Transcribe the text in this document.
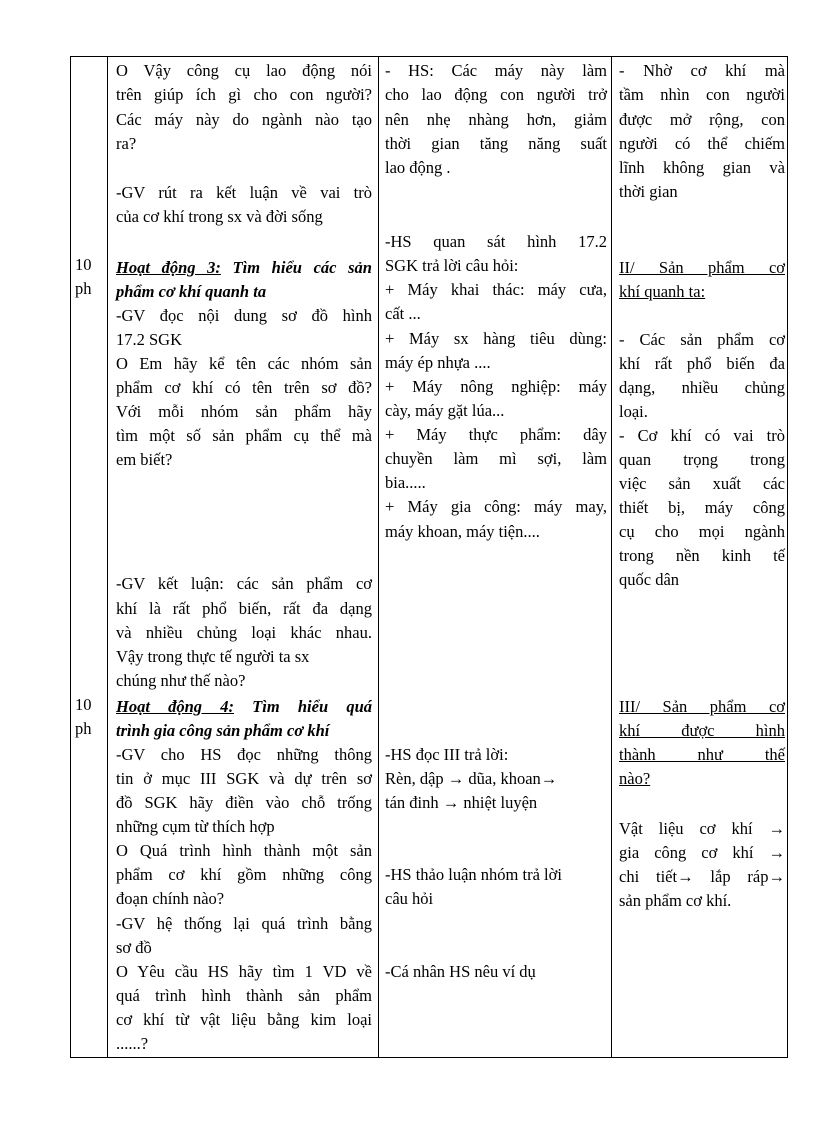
10
ph
10
ph
O Vậy công cụ lao động nói
trên giúp ích gì cho con người?
Các máy này do ngành nào tạo
ra?
-GV rút ra kết luận về vai trò
của cơ khí trong sx và đời sống
Hoạt động 3: Tìm hiểu các sản
phẩm cơ khí quanh ta
-GV đọc nội dung sơ đồ hình
17.2 SGK
O Em hãy kể tên các nhóm sản
phẩm cơ khí có tên trên sơ đồ?
Với mỗi nhóm sản phẩm hãy
tìm một số sản phẩm cụ thể mà
em biết?
-GV kết luận: các sản phẩm cơ
khí là rất phổ biến, rất đa dạng
và nhiều chủng loại khác nhau.
Vậy trong thực tế người ta sx
chúng như thế nào?
Hoạt động 4: Tìm hiểu quá
trình gia công sản phẩm cơ khí
-GV cho HS đọc những thông
tin ở mục III SGK và dự trên sơ
đồ SGK hãy điền vào chỗ trống
những cụm từ thích hợp
O Quá trình hình thành một sản
phẩm cơ khí gồm những công
đoạn chính nào?
-GV hệ thống lại quá trình bằng
sơ đồ
O Yêu cầu HS hãy tìm 1 VD về
quá trình hình thành sản phẩm
cơ khí từ vật liệu bằng kim loại
......?
- HS: Các máy này làm
cho lao động con người trở
nên nhẹ nhàng hơn, giảm
thời gian tăng năng suất
lao động .
-HS quan sát hình 17.2
SGK trả lời câu hỏi:
+ Máy khai thác: máy cưa,
cất ...
+ Máy sx hàng tiêu dùng:
máy ép nhựa ....
+ Máy nông nghiệp: máy
cày, máy gặt lúa...
+ Máy thực phẩm: dây
chuyền làm mì sợi, làm
bia.....
+ Máy gia công: máy may,
máy khoan, máy tiện....
-HS đọc III trả lời:
Rèn, dập → dũa, khoan→
tán đinh → nhiệt luyện
-HS thảo luận nhóm trả lời
câu hỏi
-Cá nhân HS nêu ví dụ
- Nhờ cơ khí mà
tầm nhìn con người
được mở rộng, con
người có thể chiếm
lĩnh không gian và
thời gian
II/ Sản phẩm cơ
khí quanh ta:
- Các sản phẩm cơ
khí rất phổ biến đa
dạng, nhiều chủng
loại.
- Cơ khí có vai trò
quan trọng trong
việc sản xuất các
thiết bị, máy công
cụ cho mọi ngành
trong nền kinh tế
quốc dân
III/ Sản phẩm cơ
khí được hình
thành như thế
nào?
Vật liệu cơ khí →
gia công cơ khí →
chi tiết→ lắp ráp→
sản phẩm cơ khí.
